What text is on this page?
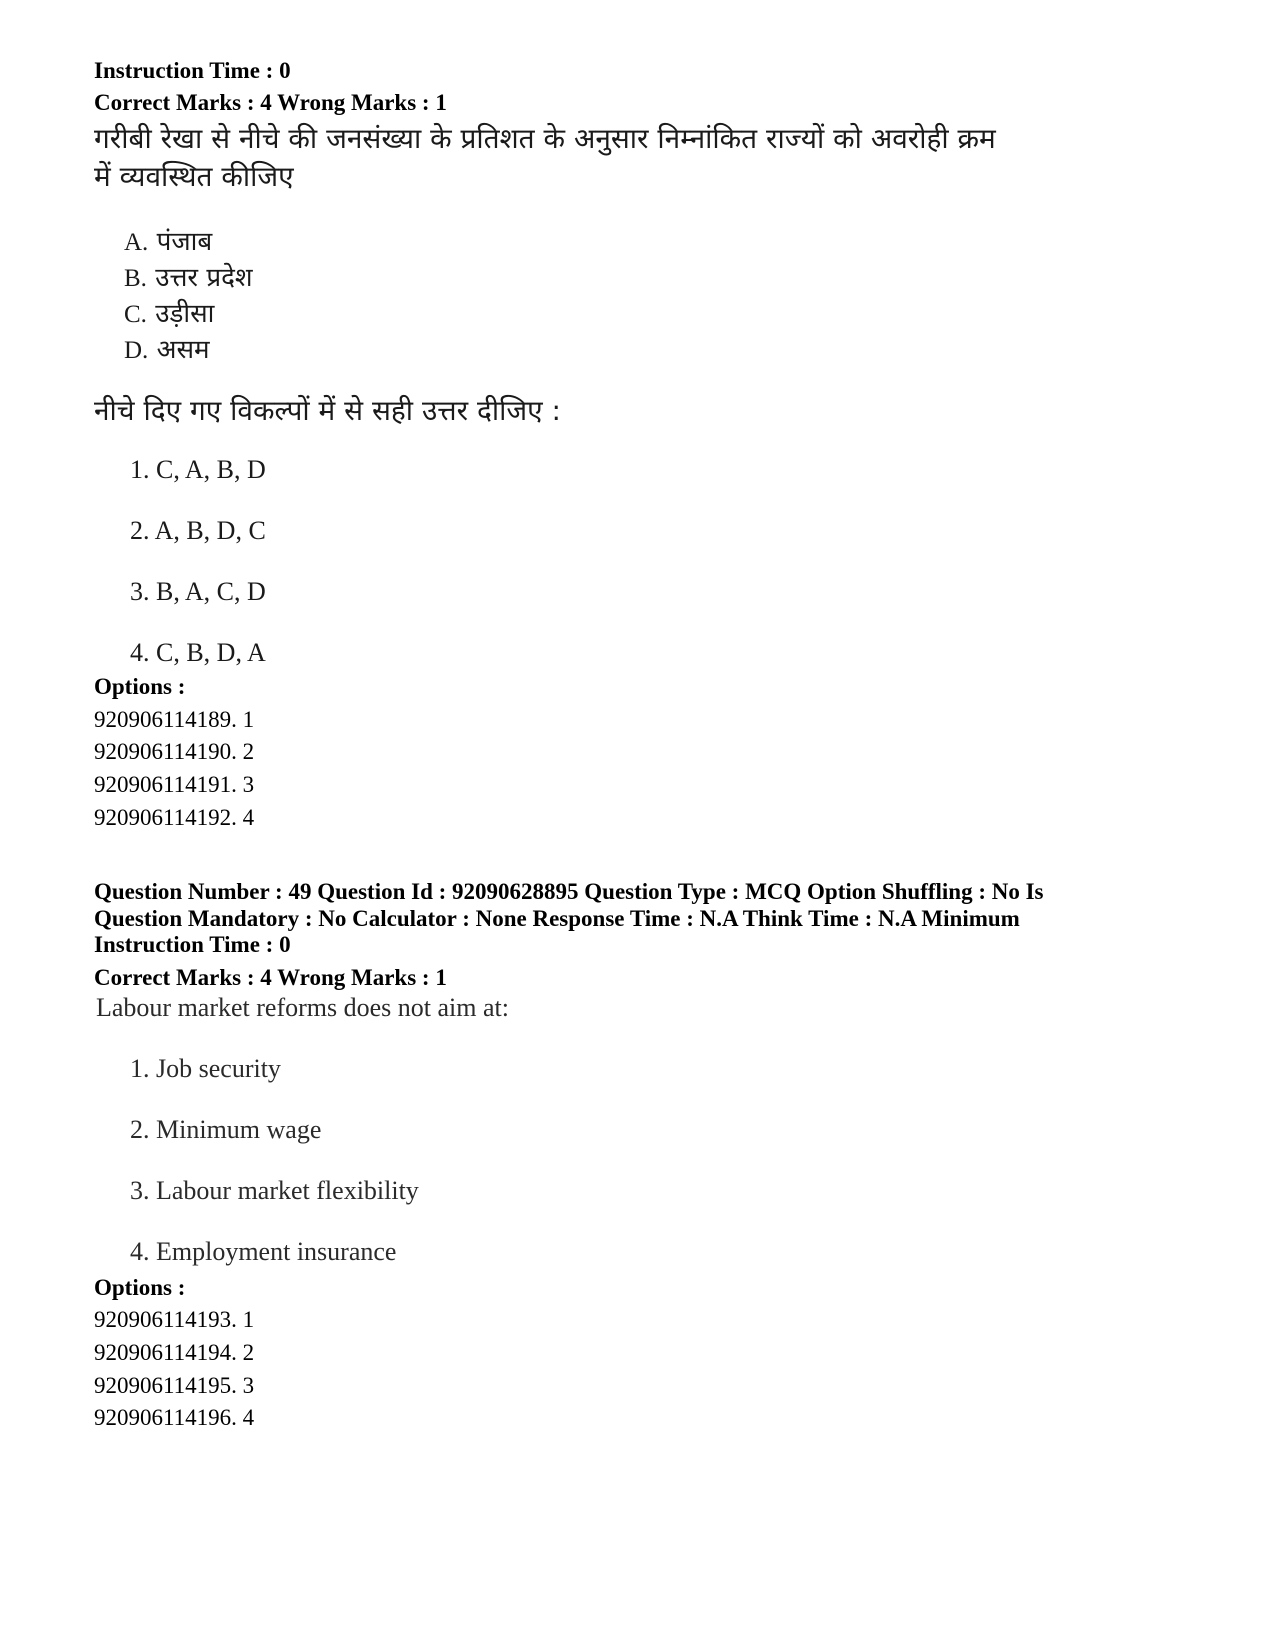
Instruction Time : 0
Correct Marks : 4 Wrong Marks : 1
गरीबी रेखा से नीचे की जनसंख्या के प्रतिशत के अनुसार निम्नांकित राज्यों को अवरोही क्रम
में व्यवस्थित कीजिए
A. पंजाब
B. उत्तर प्रदेश
C. उड़ीसा
D. असम
नीचे दिए गए विकल्पों में से सही उत्तर दीजिए :
1. C, A, B, D
2. A, B, D, C
3. B, A, C, D
4. C, B, D, A
Options :
920906114189. 1
920906114190. 2
920906114191. 3
920906114192. 4
Question Number : 49 Question Id : 92090628895 Question Type : MCQ Option Shuffling : No Is
Question Mandatory : No Calculator : None Response Time : N.A Think Time : N.A Minimum
Instruction Time : 0
Correct Marks : 4 Wrong Marks : 1
Labour market reforms does not aim at:
1. Job security
2. Minimum wage
3. Labour market flexibility
4. Employment insurance
Options :
920906114193. 1
920906114194. 2
920906114195. 3
920906114196. 4
